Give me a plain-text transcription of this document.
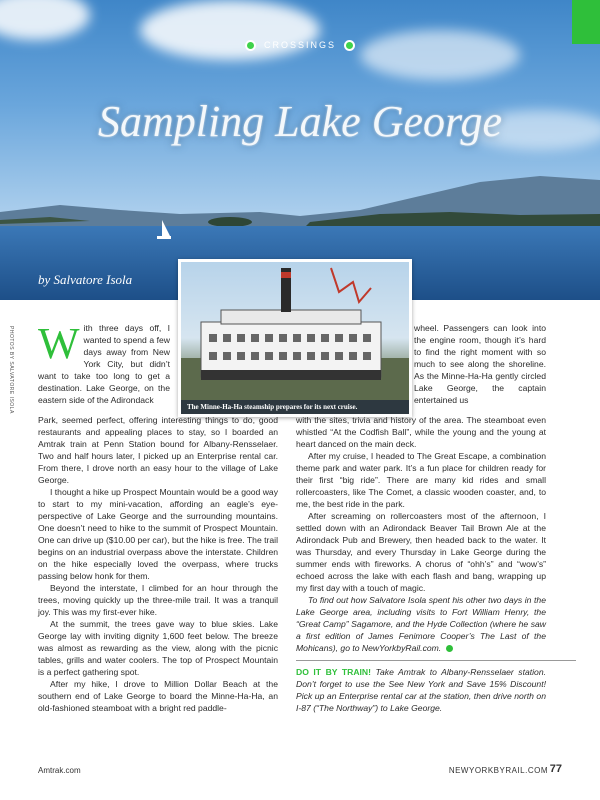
CROSSINGS
Sampling Lake George
by Salvatore Isola
PHOTOS BY SALVATORE ISOLA	The Minne-Ha-Ha steamship prepares for its next cruise.
W ith three days off, I wanted to spend a few days away from New York City, but didn’t want to take too long to get a destination. Lake George, on the eastern side of the Adirondack

Park, seemed perfect, offering interesting things to do, good restaurants and appealing places to stay, so I boarded an Amtrak train at Penn Station bound for Albany-Rensselaer. Two and half hours later, I picked up an Enterprise rental car. From there, I drove north an easy hour to the village of Lake George.

I thought a hike up Prospect Mountain would be a good way to start to my mini-vacation, affording an eagle’s eye-perspective of Lake George and the surrounding mountains. One doesn’t need to hike to the summit of Prospect Mountain. One can drive up ($10.00 per car), but the hike is free. The trail begins on an industrial overpass above the interstate. Children on the hike especially loved the overpass, where trucks passing below honk for them.

Beyond the interstate, I climbed for an hour through the trees, moving quickly up the three-mile trail. It was a tranquil joy. This was my first-ever hike.

At the summit, the trees gave way to blue skies. Lake George lay with inviting dignity 1,600 feet below. The breeze was almost as rewarding as the view, along with the picnic tables, grills and water coolers. The top of Prospect Mountain is a perfect gathering spot.

After my hike, I drove to Million Dollar Beach at the southern end of Lake George to board the Minne-Ha-Ha, an old-fashioned steamboat with a bright red paddle-

wheel. Passengers can look into the engine room, though it’s hard to find the right moment with so much to see along the shoreline. As the Minne-Ha-Ha gently circled Lake George, the captain entertained us

with the sites, trivia and history of the area. The steamboat even whistled “At the Codfish Ball”, while the young and the young at heart danced on the main deck.

After my cruise, I headed to The Great Escape, a combination theme park and water park. It’s a fun place for children ready for their first “big ride”. There are many kid rides and small rollercoasters, like The Comet, a classic wooden coaster, and, to me, the best ride in the park.

After screaming on rollercoasters most of the afternoon, I settled down with an Adirondack Beaver Tail Brown Ale at the Adirondack Pub and Brewery, then headed back to the water. It was Thursday, and every Thursday in Lake George during the summer ends with fireworks. A chorus of “ohh’s” and “wow’s” echoed across the lake with each flash and bang, wrapping up my first day with a touch of magic.

To find out how Salvatore Isola spent his other two days in the Lake George area, including visits to Fort William Henry, the “Great Camp” Sagamore, and the Hyde Collection (where he saw a first edition of James Fenimore Cooper’s The Last of the Mohicans), go to NewYorkbyRail.com.

DO IT BY TRAIN! Take Amtrak to Albany-Rensselaer station. Don’t forget to use the See New York and Save 15% Discount! Pick up an Enterprise rental car at the station, then drive north on I-87 (“The Northway”) to Lake George.

Amtrak.com	NEWYORKBYRAIL.COM 77
